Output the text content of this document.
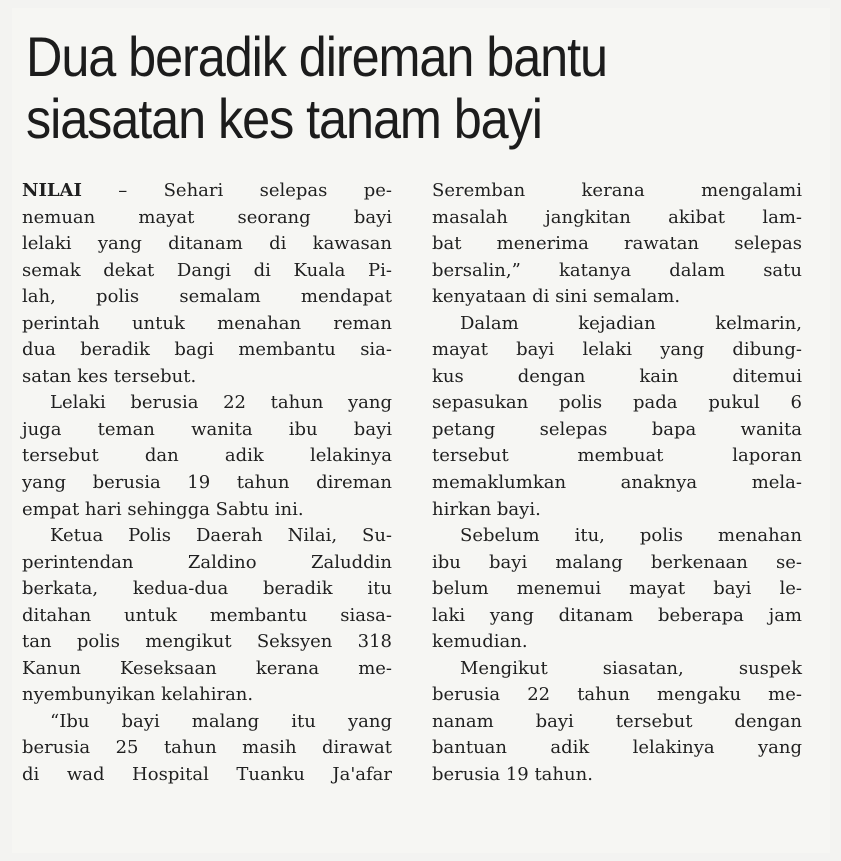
Dua beradik direman bantu
siasatan kes tanam bayi
NILAI – Sehari selepas pe-
nemuan mayat seorang bayi
lelaki yang ditanam di kawasan
semak dekat Dangi di Kuala Pi-
lah, polis semalam mendapat
perintah untuk menahan reman
dua beradik bagi membantu sia-
satan kes tersebut.
Lelaki berusia 22 tahun yang
juga teman wanita ibu bayi
tersebut dan adik lelakinya
yang berusia 19 tahun direman
empat hari sehingga Sabtu ini.
Ketua Polis Daerah Nilai, Su-
perintendan Zaldino Zaluddin
berkata, kedua-dua beradik itu
ditahan untuk membantu siasa-
tan polis mengikut Seksyen 318
Kanun Keseksaan kerana me-
nyembunyikan kelahiran.
“Ibu bayi malang itu yang
berusia 25 tahun masih dirawat
di wad Hospital Tuanku Ja'afar
Seremban kerana mengalami
masalah jangkitan akibat lam-
bat menerima rawatan selepas
bersalin,” katanya dalam satu
kenyataan di sini semalam.
Dalam kejadian kelmarin,
mayat bayi lelaki yang dibung-
kus dengan kain ditemui
sepasukan polis pada pukul 6
petang selepas bapa wanita
tersebut membuat laporan
memaklumkan anaknya mela-
hirkan bayi.
Sebelum itu, polis menahan
ibu bayi malang berkenaan se-
belum menemui mayat bayi le-
laki yang ditanam beberapa jam
kemudian.
Mengikut siasatan, suspek
berusia 22 tahun mengaku me-
nanam bayi tersebut dengan
bantuan adik lelakinya yang
berusia 19 tahun.
